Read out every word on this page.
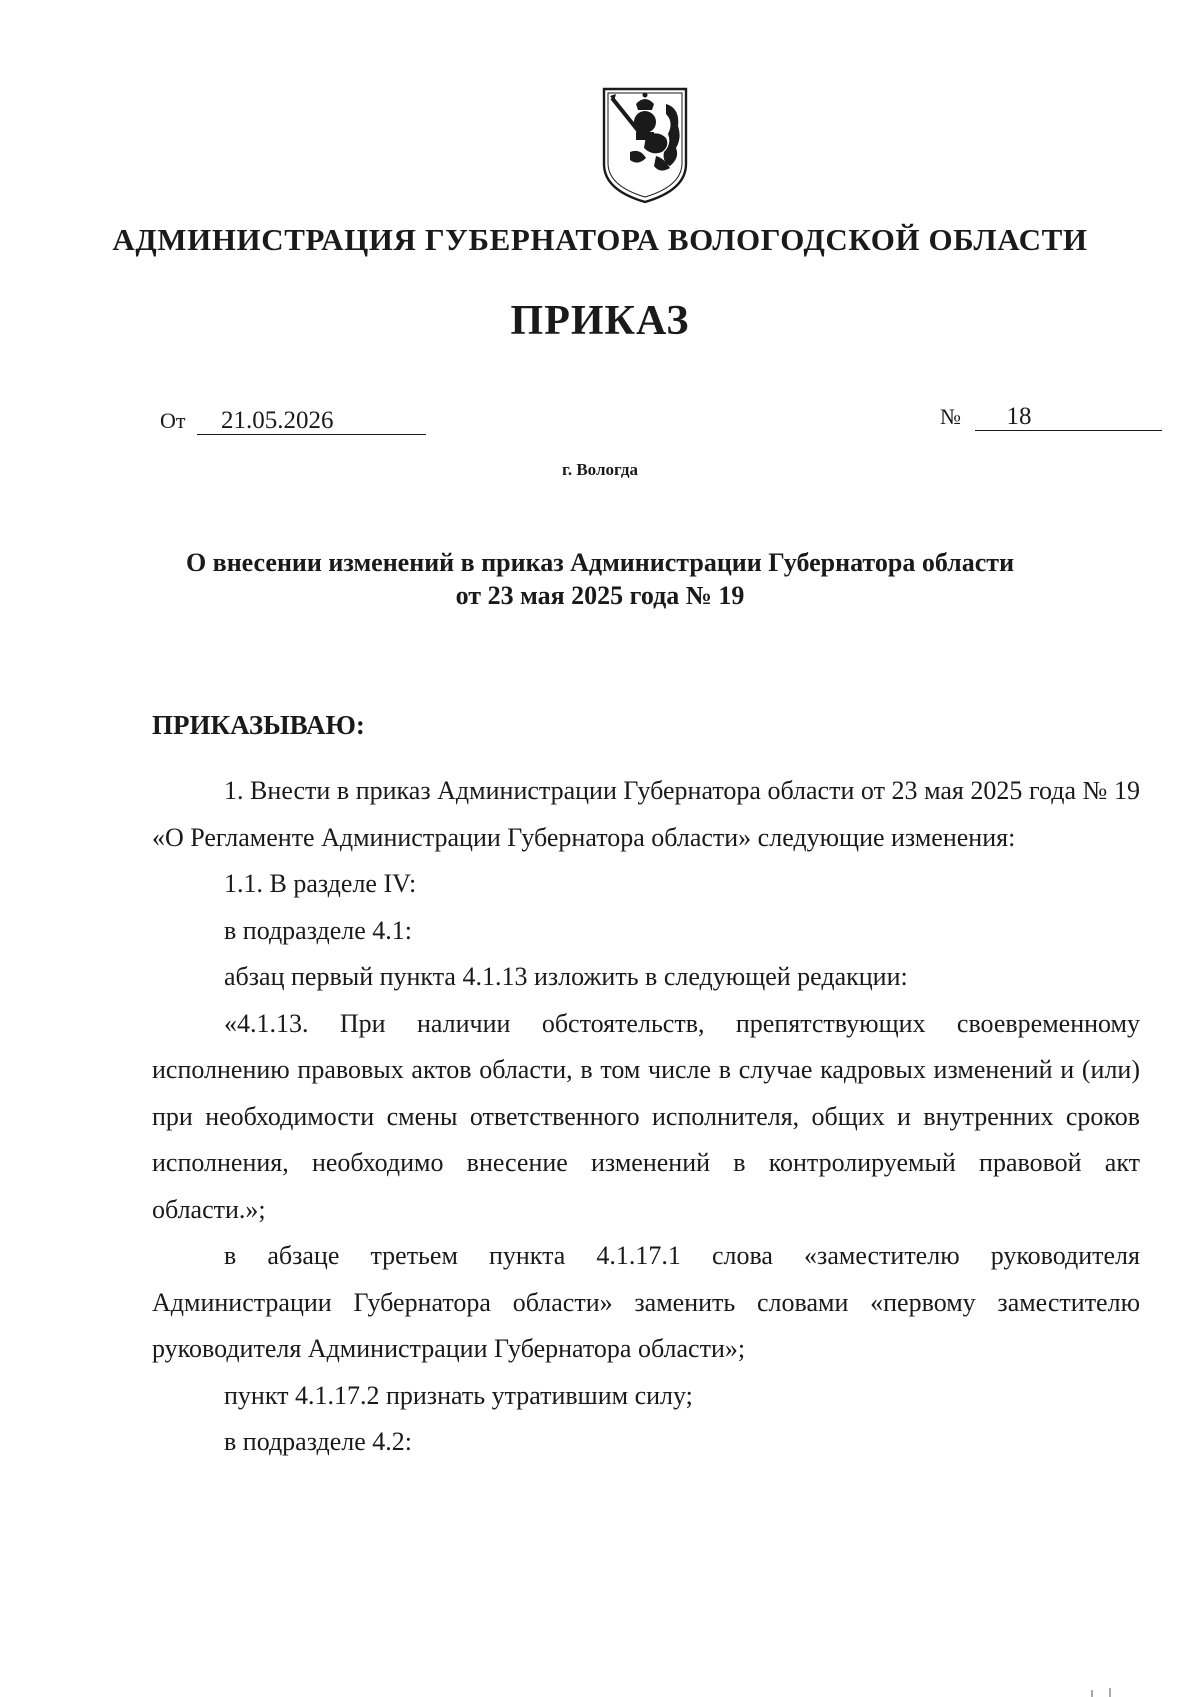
АДМИНИСТРАЦИЯ ГУБЕРНАТОРА ВОЛОГОДСКОЙ ОБЛАСТИ
ПРИКАЗ
От 21.05.2026	№ 18
г. Вологда
О внесении изменений в приказ Администрации Губернатора области
от 23 мая 2025 года № 19
ПРИКАЗЫВАЮ:

1. Внести в приказ Администрации Губернатора области от 23 мая 2025 года № 19 «О Регламенте Администрации Губернатора области» следующие изменения:

1.1. В разделе IV:

в подразделе 4.1:

абзац первый пункта 4.1.13 изложить в следующей редакции:

«4.1.13. При наличии обстоятельств, препятствующих своевременному исполнению правовых актов области, в том числе в случае кадровых изменений и (или) при необходимости смены ответственного исполнителя, общих и внутренних сроков исполнения, необходимо внесение изменений в контролируемый правовой акт области.»;

в абзаце третьем пункта 4.1.17.1 слова «заместителю руководителя Администрации Губернатора области» заменить словами «первому заместителю руководителя Администрации Губернатора области»;

пункт 4.1.17.2 признать утратившим силу;

в подразделе 4.2:
